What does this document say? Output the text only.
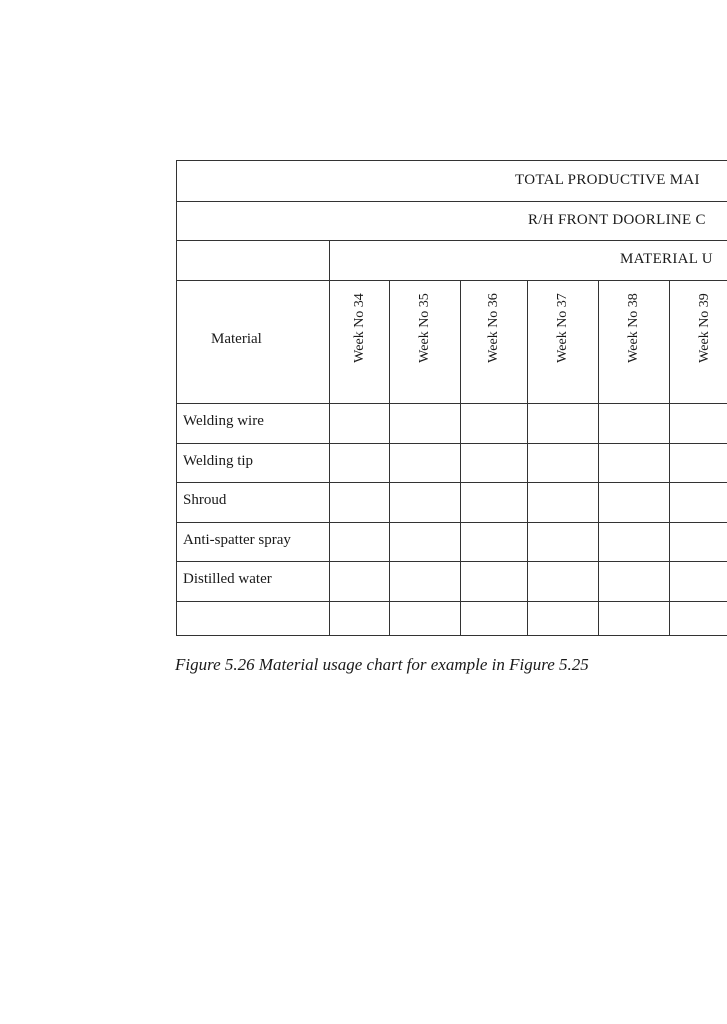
TOTAL PRODUCTIVE MAI
R/H FRONT DOORLINE C
MATERIAL U
Material	Week No 34	Week No 35	Week No 36	Week No 37	Week No 38	Week No 39
Welding wire
Welding tip
Shroud
Anti-spatter spray
Distilled water
Figure 5.26 Material usage chart for example in Figure 5.25
